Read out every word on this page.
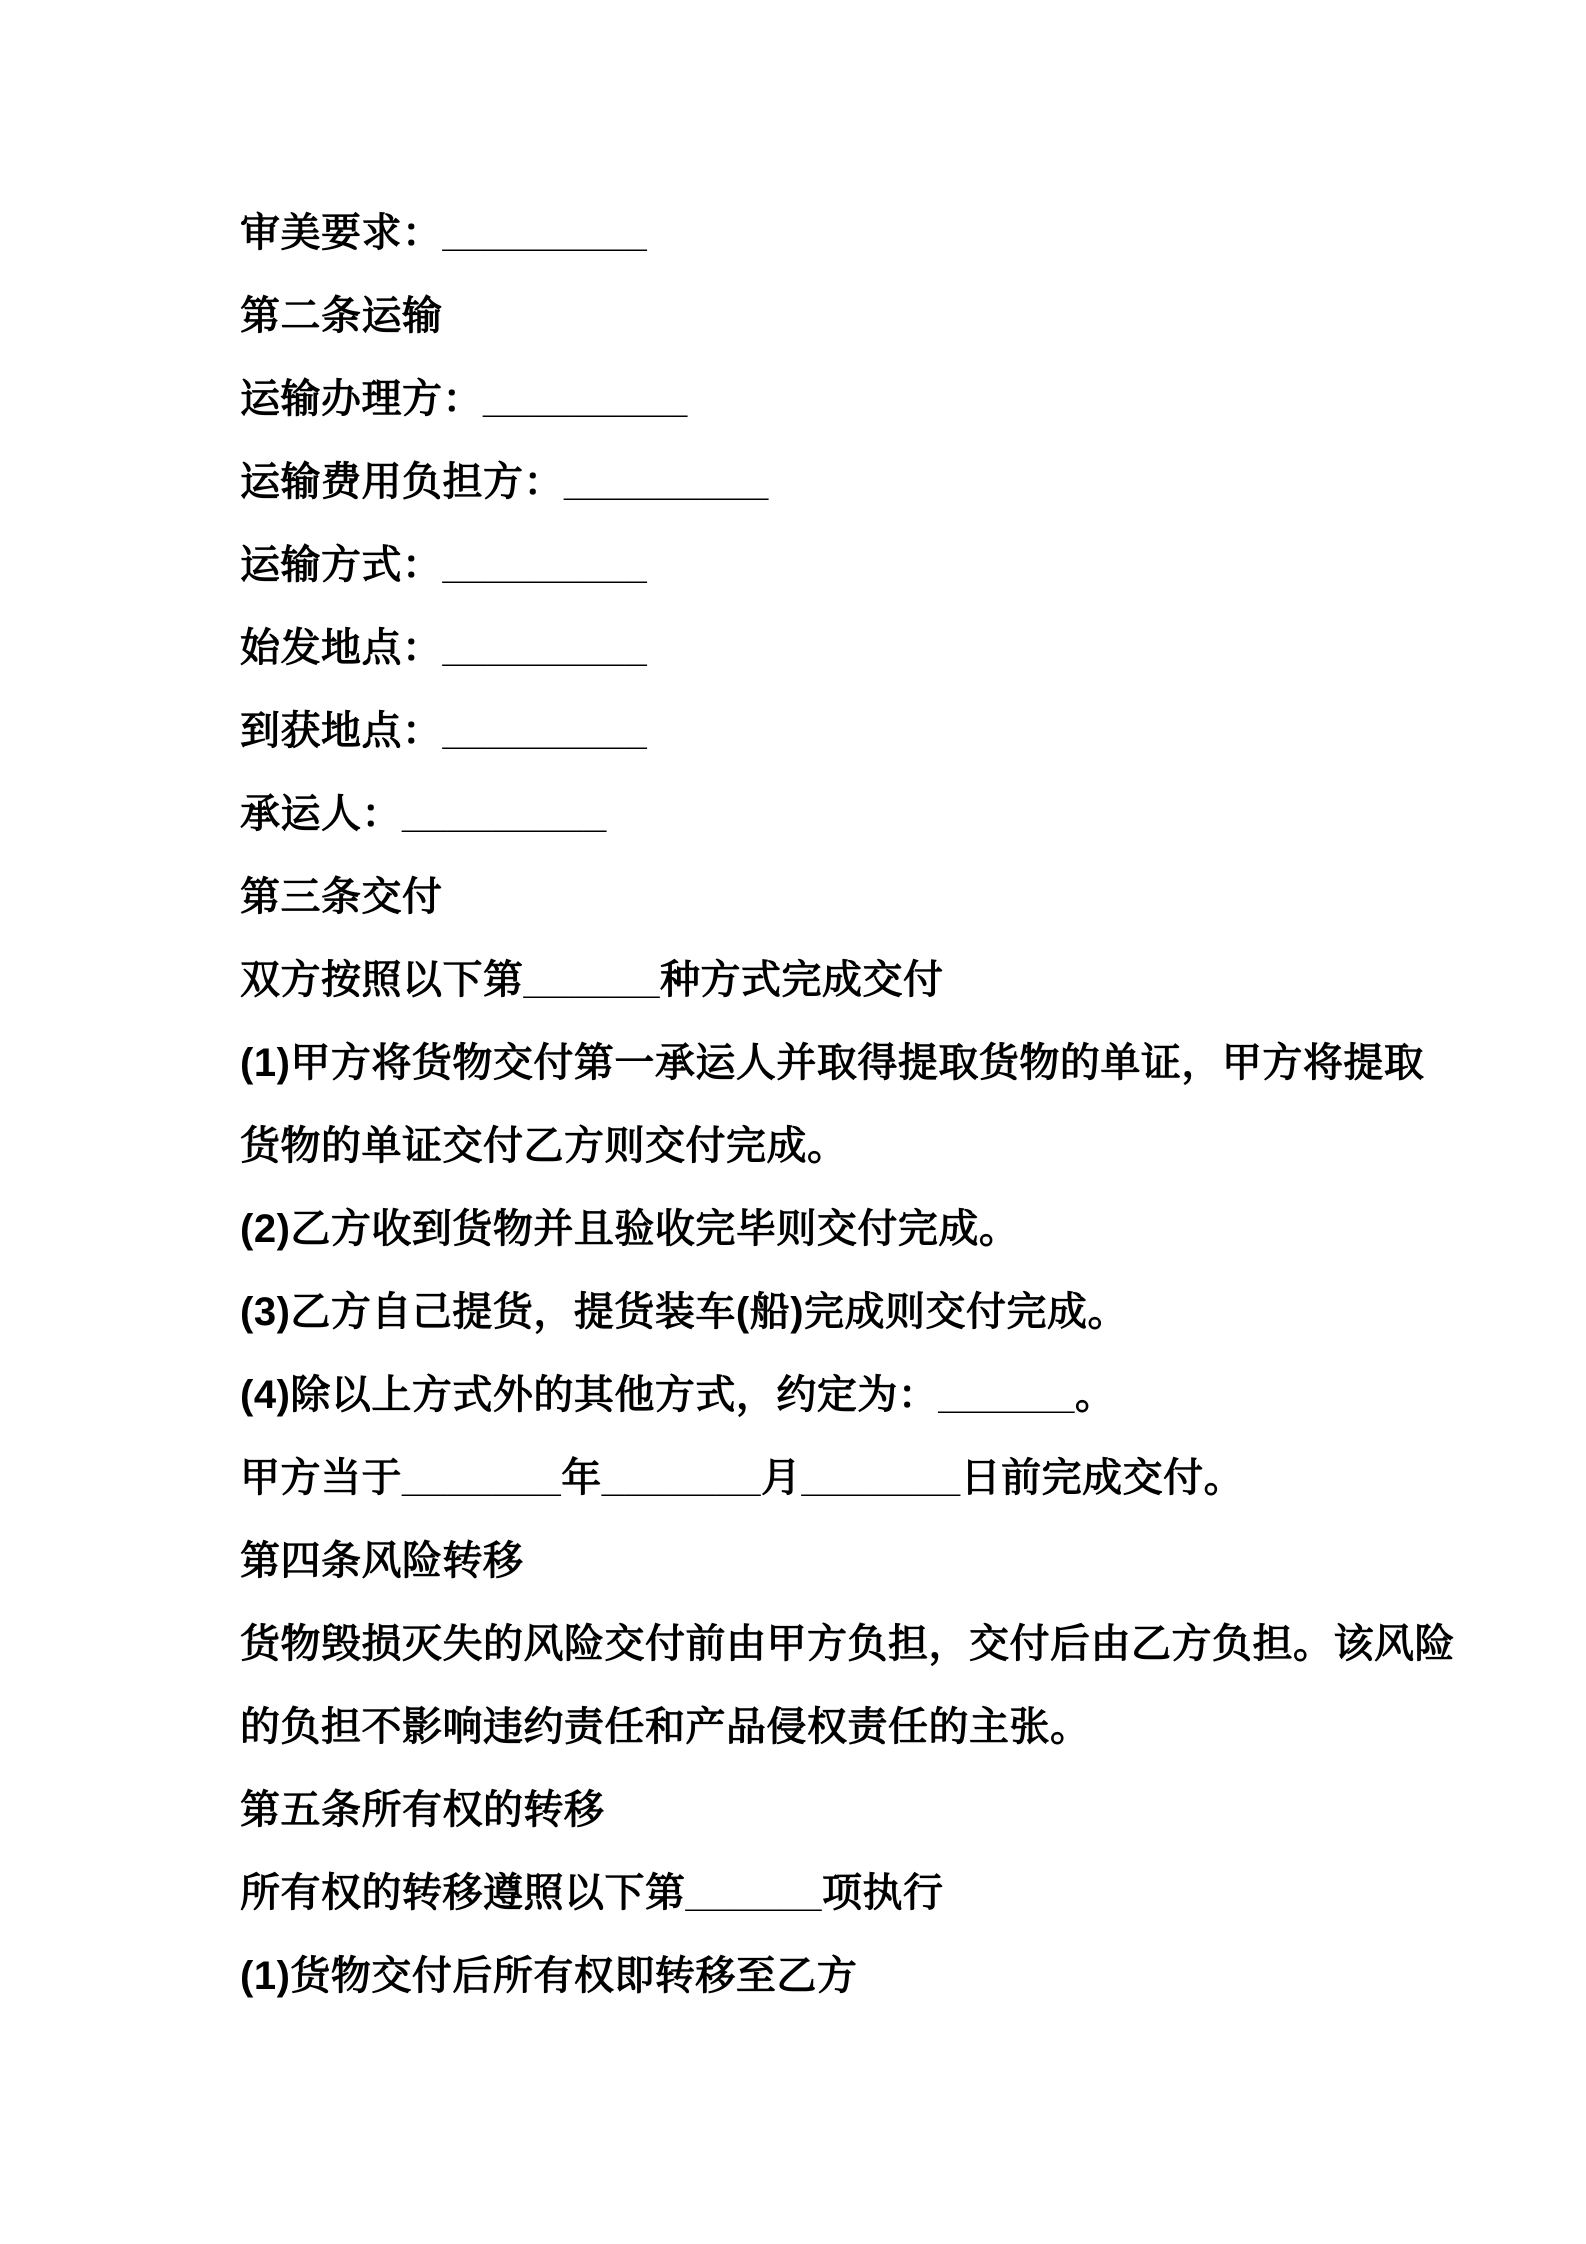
审美要求：_________
第二条运输
运输办理方：_________
运输费用负担方：_________
运输方式：_________
始发地点：_________
到获地点：_________
承运人：_________
第三条交付
双方按照以下第______种方式完成交付
(1)甲方将货物交付第一承运人并取得提取货物的单证，甲方将提取
货物的单证交付乙方则交付完成。
(2)乙方收到货物并且验收完毕则交付完成。
(3)乙方自己提货，提货装车(船)完成则交付完成。
(4)除以上方式外的其他方式，约定为：______。
甲方当于_______年_______月_______日前完成交付。
第四条风险转移
货物毁损灭失的风险交付前由甲方负担，交付后由乙方负担。该风险
的负担不影响违约责任和产品侵权责任的主张。
第五条所有权的转移
所有权的转移遵照以下第______项执行
(1)货物交付后所有权即转移至乙方
